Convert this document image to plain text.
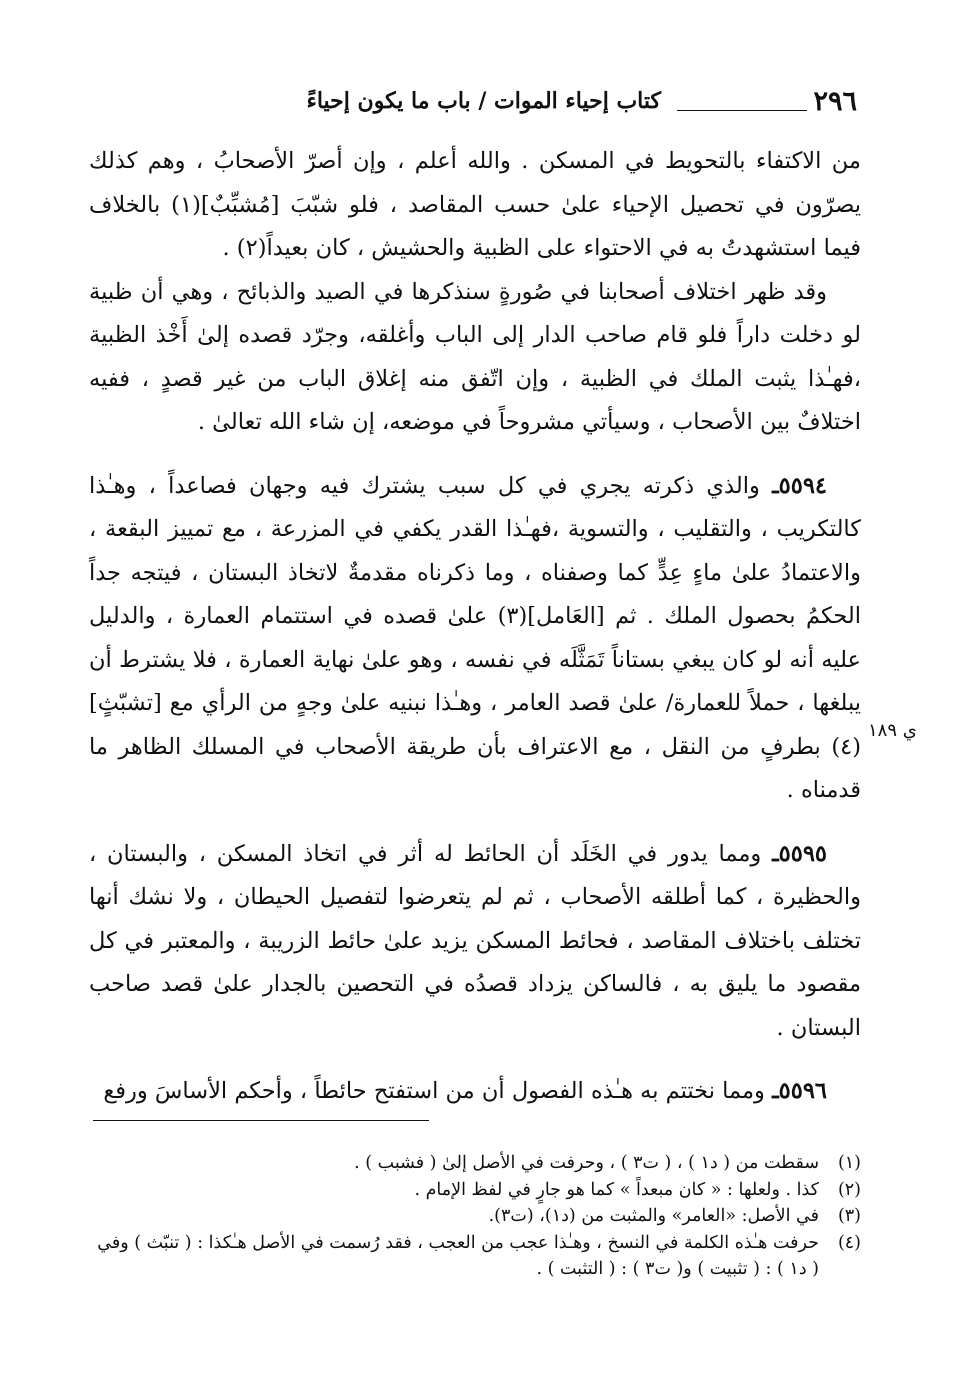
٢٩٦
كتاب إحياء الموات / باب ما يكون إحياءً

من الاكتفاء بالتحويط في المسكن . والله أعلم ، وإن أصرّ الأصحابُ ، وهم كذلك يصرّون في تحصيل الإحياء علىٰ حسب المقاصد ، فلو شبّبَ [مُشبِّبٌ](١) بالخلاف فيما استشهدتُ به في الاحتواء على الظبية والحشيش ، كان بعيداً(٢) .

وقد ظهر اختلاف أصحابنا في صُورةٍ سنذكرها في الصيد والذبائح ، وهي أن ظبية لو دخلت داراً فلو قام صاحب الدار إلى الباب وأغلقه، وجرّد قصده إلىٰ أَخْذ الظبية ،فهـٰذا يثبت الملك في الظبية ، وإن اتّفق منه إغلاق الباب من غير قصدٍ ، ففيه اختلافٌ بين الأصحاب ، وسيأتي مشروحاً في موضعه، إن شاء الله تعالىٰ .

٥٥٩٤ـ والذي ذكرته يجري في كل سبب يشترك فيه وجهان فصاعداً ، وهـٰذا كالتكريب ، والتقليب ، والتسوية ،فهـٰذا القدر يكفي في المزرعة ، مع تمييز البقعة ، والاعتمادُ علىٰ ماءٍ عِدٍّ كما وصفناه ، وما ذكرناه مقدمةٌ لاتخاذ البستان ، فيتجه جداً الحكمُ بحصول الملك . ثم [العَامل](٣) علىٰ قصده في استتمام العمارة ، والدليل عليه أنه لو كان يبغي بستاناً تَمَثَّلَه في نفسه ، وهو علىٰ نهاية العمارة ، فلا يشترط أن يبلغها ، حملاً للعمارة/ علىٰ قصد العامر ، وهـٰذا نبنيه علىٰ وجهٍ من الرأي مع [تشبّثٍ](٤) بطرفٍ من النقل ، مع الاعتراف بأن طريقة الأصحاب في المسلك الظاهر ما قدمناه .

٥٥٩٥ـ ومما يدور في الخَلَد أن الحائط له أثر في اتخاذ المسكن ، والبستان ، والحظيرة ، كما أطلقه الأصحاب ، ثم لم يتعرضوا لتفصيل الحيطان ، ولا نشك أنها تختلف باختلاف المقاصد ، فحائط المسكن يزيد علىٰ حائط الزريبة ، والمعتبر في كل مقصود ما يليق به ، فالساكن يزداد قصدُه في التحصين بالجدار علىٰ قصد صاحب البستان .

٥٥٩٦ـ ومما نختتم به هـٰذه الفصول أن من استفتح حائطاً ، وأحكم الأساسَ ورفع

ي ١٨٩
(١)
سقطت من ( د١ ) ، ( ت٣ ) ، وحرفت في الأصل إلىٰ ( فشبب ) .
(٢)
كذا . ولعلها : « كان مبعداً » كما هو جارٍ في لفظ الإمام .
(٣)
في الأصل: «العامر» والمثبت من (د١)، (ت٣).
(٤)
حرفت هـٰذه الكلمة في النسخ ، وهـٰذا عجب من العجب ، فقد رُسمت في الأصل هـٰكذا : ( تنبّث ) وفي ( د١ ) : ( تثبيت ) و( ت٣ ) : ( التثبت ) .
